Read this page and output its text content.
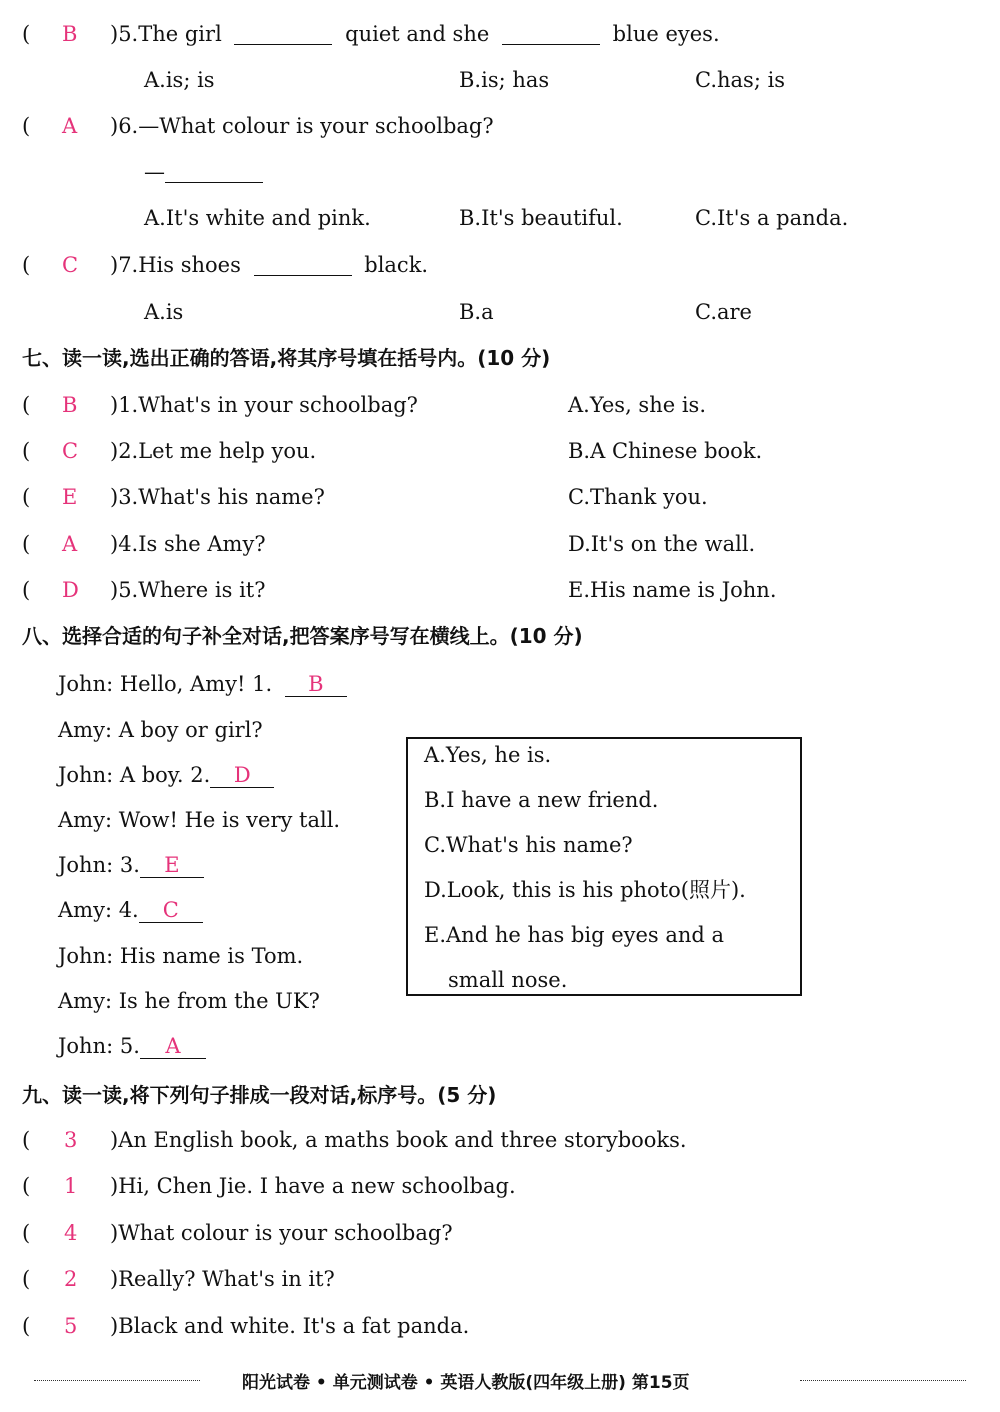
( B )5.The girl	quiet and she	blue eyes.
A.is; is	B.is; has	C.has; is
( A )6.—What colour is your schoolbag?
—
A.It's white and pink.	B.It's beautiful.	C.It's a panda.
( C )7.His shoes	black.
A.is	B.a	C.are
七、读一读,选出正确的答语,将其序号填在括号内。(10 分)
( B )1.What's in your schoolbag?	A.Yes, she is.
( C )2.Let me help you.	B.A Chinese book.
( E )3.What's his name?	C.Thank you.
( A )4.Is she Amy?	D.It's on the wall.
( D )5.Where is it?	E.His name is John.
八、选择合适的句子补全对话,把答案序号写在横线上。(10 分)
John: Hello, Amy! 1. B
Amy: A boy or girl?
John: A boy. 2. D
Amy: Wow! He is very tall.
John: 3. E
Amy: 4. C
John: His name is Tom.
Amy: Is he from the UK?
John: 5. A
A.Yes, he is.
B.I have a new friend.
C.What's his name?
D.Look, this is his photo(照片).
E.And he has big eyes and a
small nose.
九、读一读,将下列句子排成一段对话,标序号。(5 分)
( 3 )An English book, a maths book and three storybooks.
( 1 )Hi, Chen Jie. I have a new schoolbag.
( 4 )What colour is your schoolbag?
( 2 )Really? What's in it?
( 5 )Black and white. It's a fat panda.
阳光试卷 • 单元测试卷 • 英语人教版(四年级上册) 第15页
